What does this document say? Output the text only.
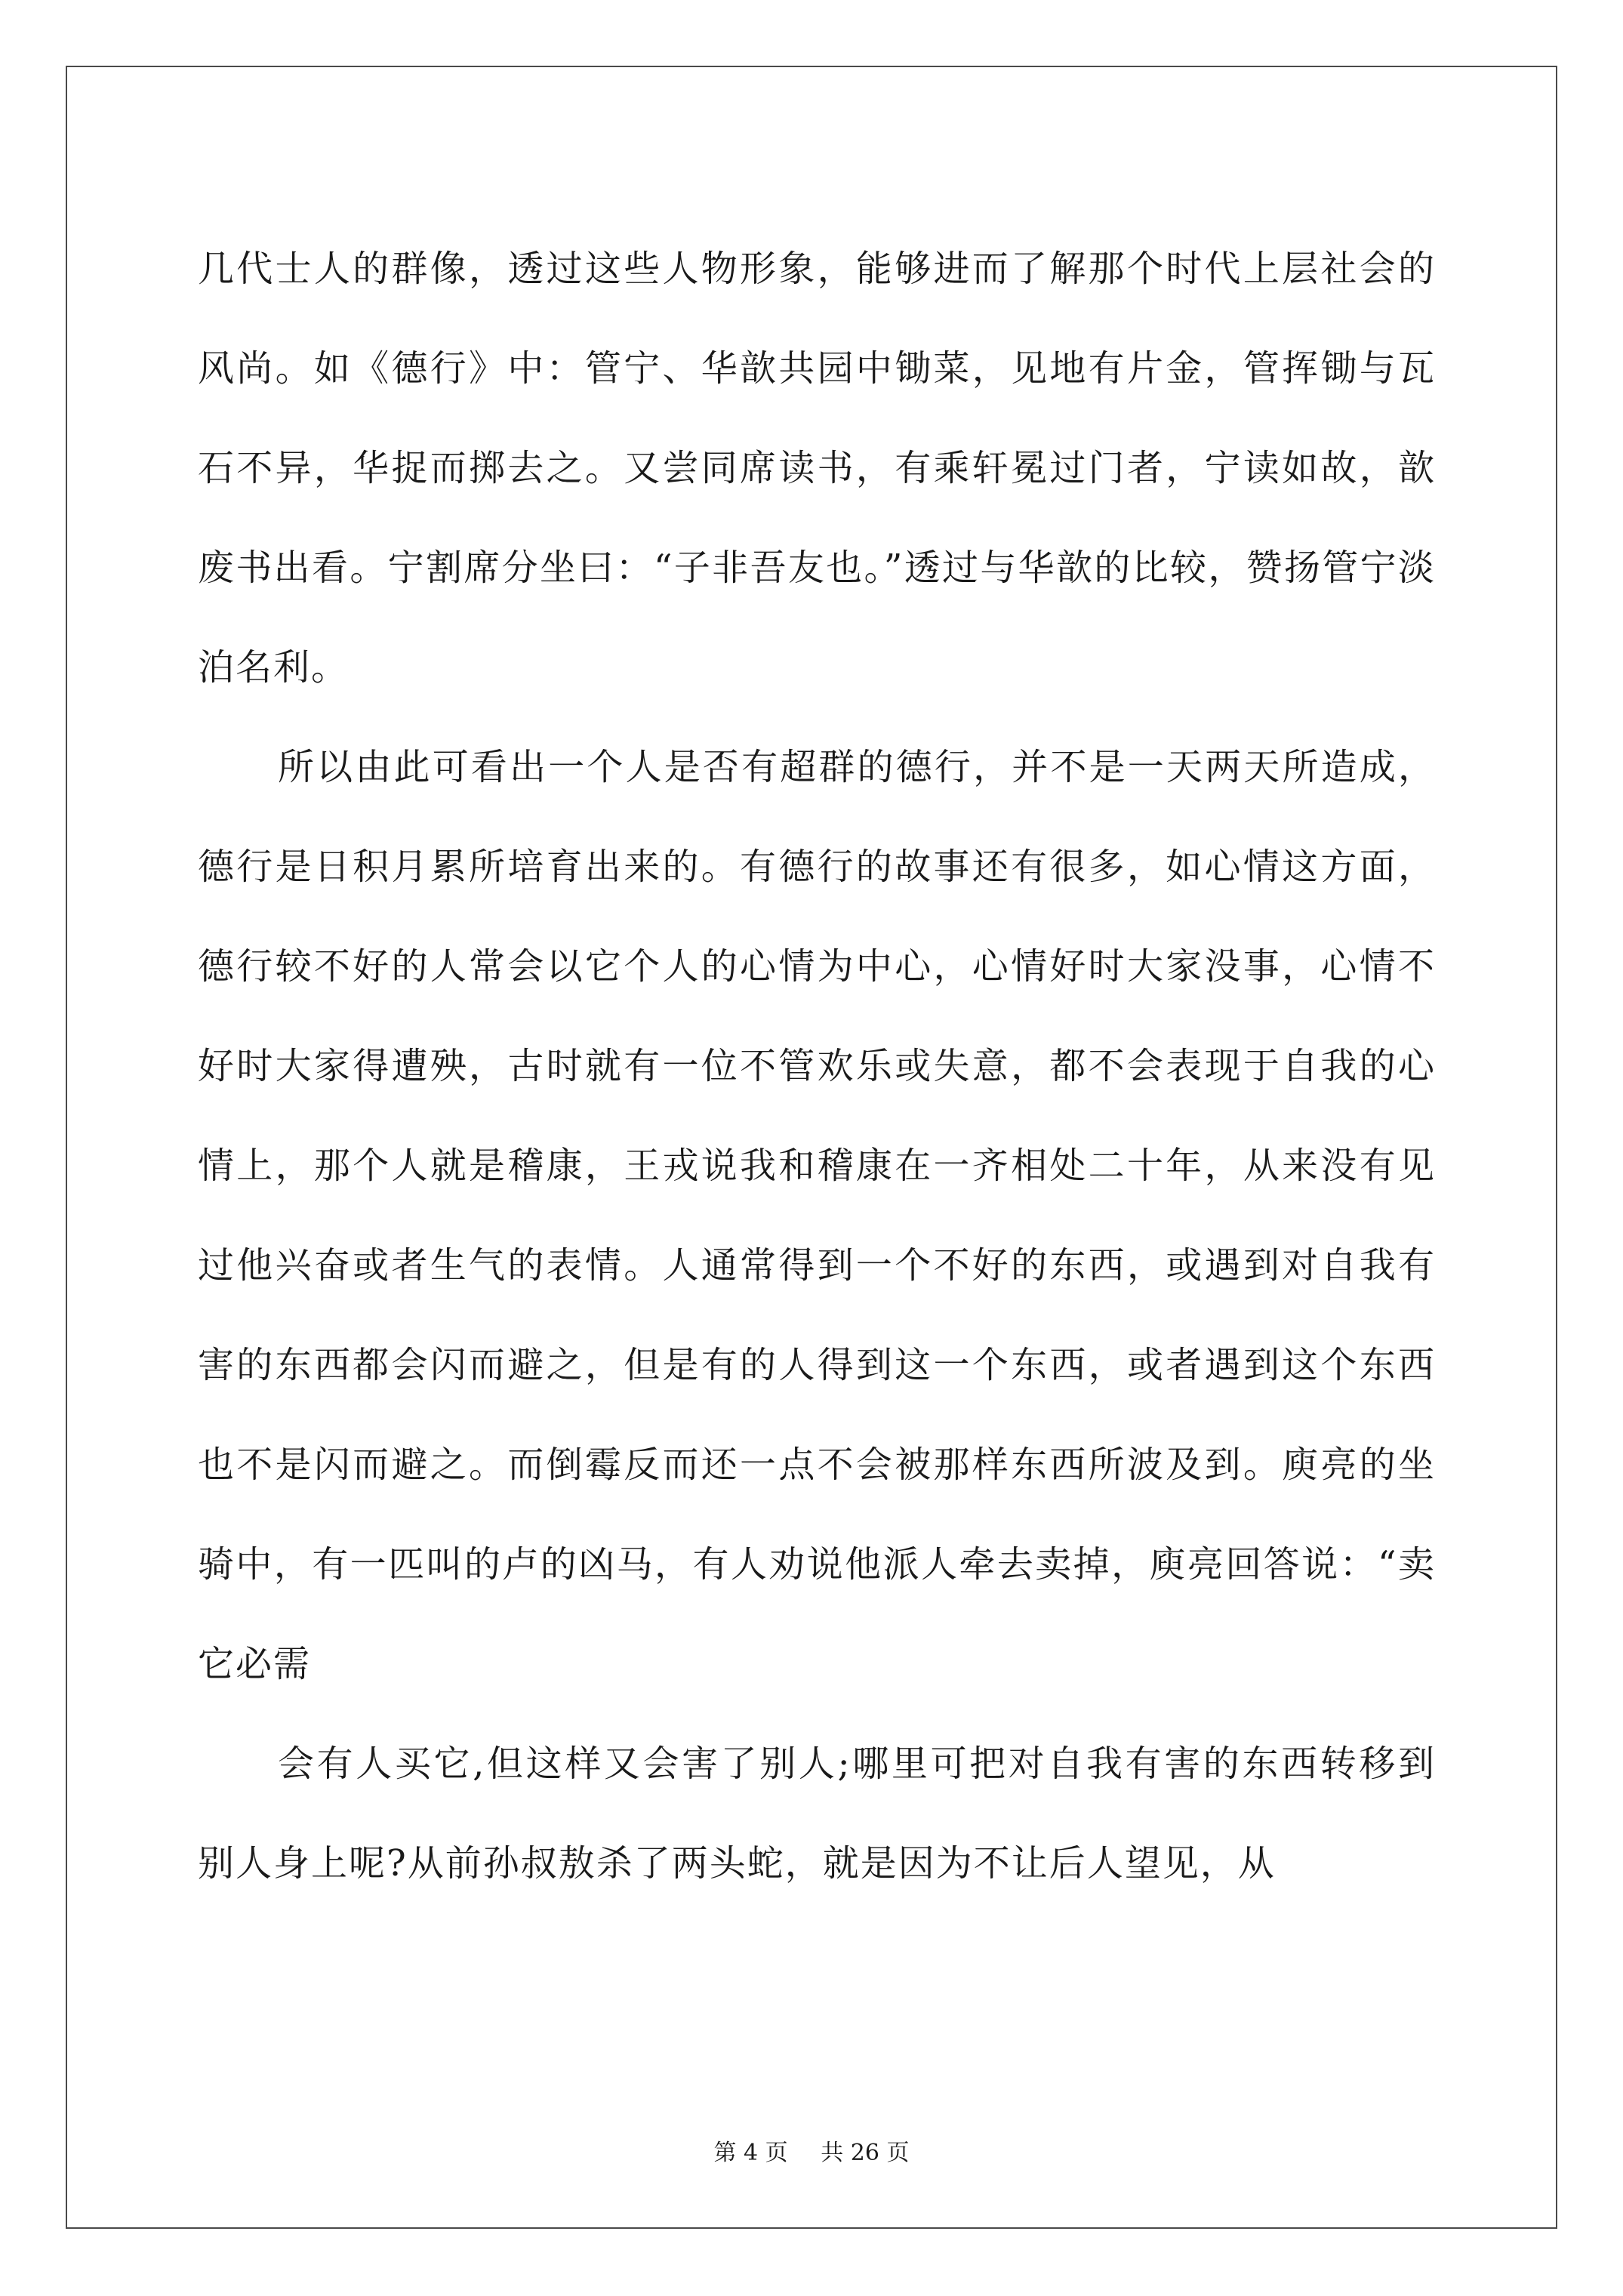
几代士人的群像，透过这些人物形象，能够进而了解那个时代上层社会的风尚。如《德行》中：管宁、华歆共园中锄菜，见地有片金，管挥锄与瓦石不异，华捉而掷去之。又尝同席读书，有乘轩冕过门者，宁读如故，歆废书出看。宁割席分坐曰：“子非吾友也。”透过与华歆的比较，赞扬管宁淡泊名利。

所以由此可看出一个人是否有超群的德行，并不是一天两天所造成，德行是日积月累所培育出来的。有德行的故事还有很多，如心情这方面，德行较不好的人常会以它个人的心情为中心，心情好时大家没事，心情不好时大家得遭殃，古时就有一位不管欢乐或失意，都不会表现于自我的心情上，那个人就是稽康，王戎说我和稽康在一齐相处二十年，从来没有见过他兴奋或者生气的表情。人通常得到一个不好的东西，或遇到对自我有害的东西都会闪而避之，但是有的人得到这一个东西，或者遇到这个东西也不是闪而避之。而倒霉反而还一点不会被那样东西所波及到。庾亮的坐骑中，有一匹叫的卢的凶马，有人劝说他派人牵去卖掉，庾亮回答说：“卖它必需

会有人买它,但这样又会害了别人;哪里可把对自我有害的东西转移到别人身上呢?从前孙叔敖杀了两头蛇，就是因为不让后人望见，从

第 4 页 共 26 页
